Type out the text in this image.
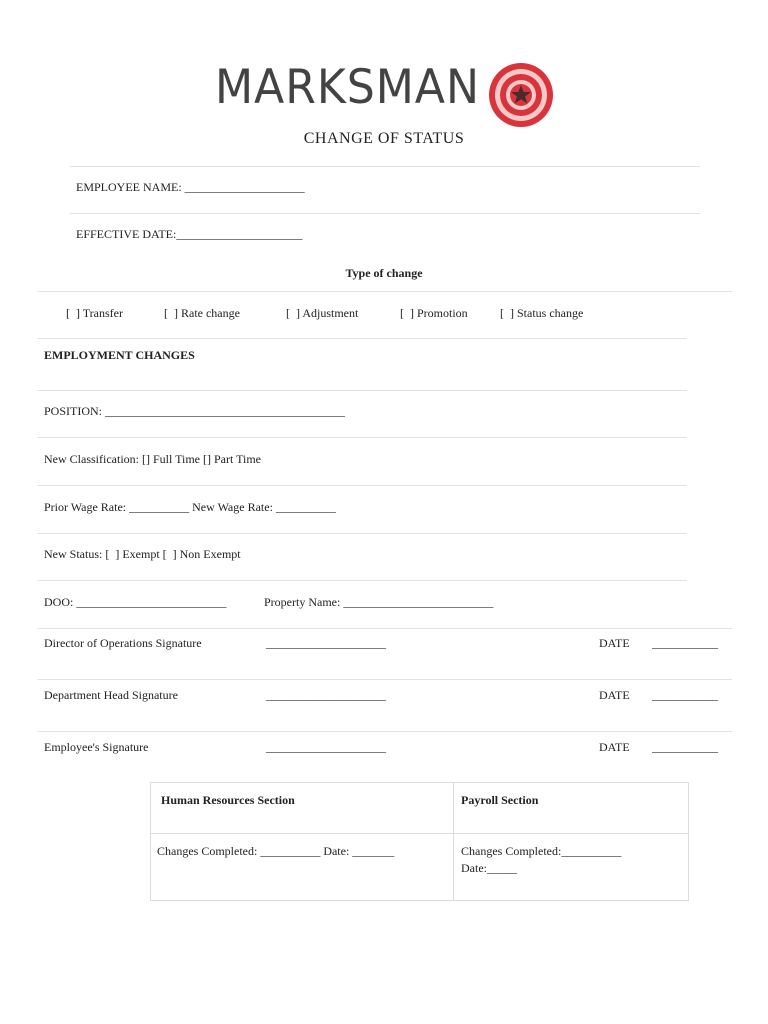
MARKSMAN
CHANGE OF STATUS
EMPLOYEE NAME: ____________________
EFFECTIVE DATE:_____________________
Type of change
[  ] Transfer	[  ] Rate change	[  ] Adjustment	[  ] Promotion	[  ] Status change
EMPLOYMENT CHANGES
POSITION: ________________________________________
New Classification: [] Full Time [] Part Time
Prior Wage Rate: __________ New Wage Rate: __________
New Status: [  ] Exempt [  ] Non Exempt
DOO: _________________________	Property Name: _________________________
Director of Operations Signature	____________________	DATE ___________
Department Head Signature	____________________	DATE ___________
Employee's Signature	____________________	DATE ___________
Human Resources Section	Payroll Section

Changes Completed: __________ Date: _______	Changes Completed:__________
Date:_____
